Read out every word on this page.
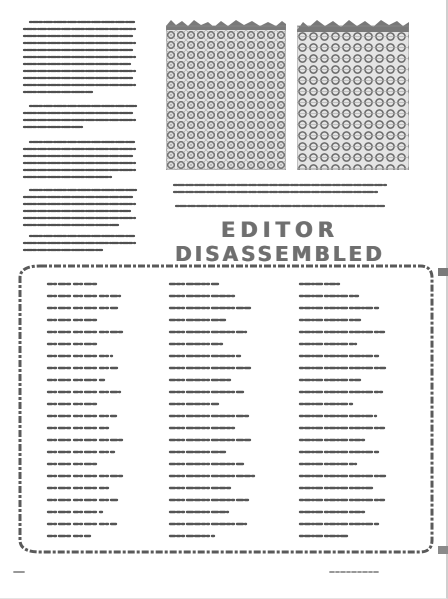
EDITOR
DISASSEMBLED
